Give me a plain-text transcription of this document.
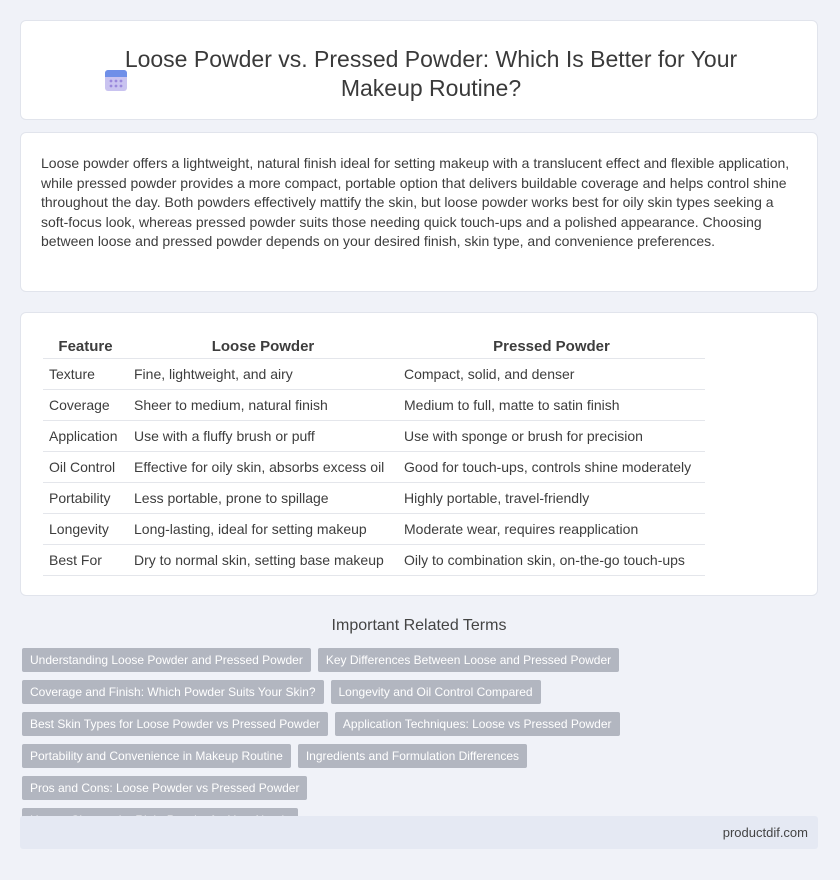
Loose Powder vs. Pressed Powder: Which Is Better for Your Makeup Routine?

Loose powder offers a lightweight, natural finish ideal for setting makeup with a translucent effect and flexible application, while pressed powder provides a more compact, portable option that delivers buildable coverage and helps control shine throughout the day. Both powders effectively mattify the skin, but loose powder works best for oily skin types seeking a soft-focus look, whereas pressed powder suits those needing quick touch-ups and a polished appearance. Choosing between loose and pressed powder depends on your desired finish, skin type, and convenience preferences.

Feature	Loose Powder	Pressed Powder
Texture	Fine, lightweight, and airy	Compact, solid, and denser
Coverage	Sheer to medium, natural finish	Medium to full, matte to satin finish
Application	Use with a fluffy brush or puff	Use with sponge or brush for precision
Oil Control	Effective for oily skin, absorbs excess oil	Good for touch-ups, controls shine moderately
Portability	Less portable, prone to spillage	Highly portable, travel-friendly
Longevity	Long-lasting, ideal for setting makeup	Moderate wear, requires reapplication
Best For	Dry to normal skin, setting base makeup	Oily to combination skin, on-the-go touch-ups
Important Related Terms
Understanding Loose Powder and Pressed Powder	Key Differences Between Loose and Pressed Powder
Coverage and Finish: Which Powder Suits Your Skin?	Longevity and Oil Control Compared
Best Skin Types for Loose Powder vs Pressed Powder	Application Techniques: Loose vs Pressed Powder
Portability and Convenience in Makeup Routine	Ingredients and Formulation Differences
Pros and Cons: Loose Powder vs Pressed Powder
productdif.com
